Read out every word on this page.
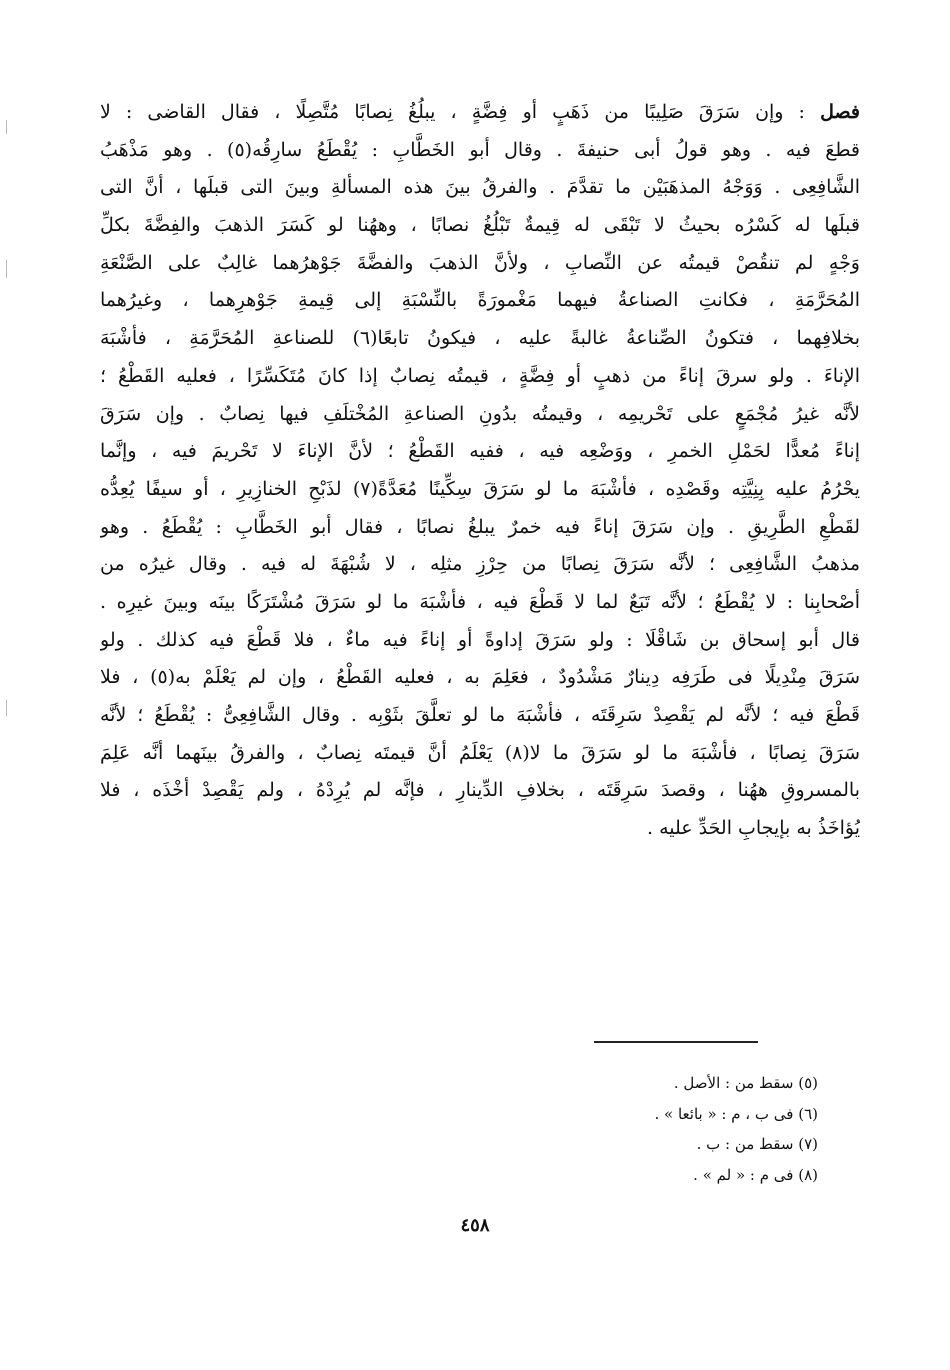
فصل : وإن سَرَقَ صَلِيبًا من ذَهَبٍ أو فِضَّةٍ ، يبلُغُ نِصابًا مُتَّصِلًا ، فقال القاضى : لا
قطعَ فيه . وهو قولُ أبى حنيفةَ . وقال أبو الخَطَّابِ : يُقْطَعُ سارِقُه(٥) . وهو مَذْهَبُ
الشَّافِعِى . وَوَجْهُ المذهَبَيْن ما تقدَّمَ . والفرقُ بينَ هذه المسألةِ وبينَ التى قبلَها ، أنَّ التى
قبلَها له كَسْرُه بحيثُ لا تَبْقَى له قِيمةٌ تَبْلُغُ نصابًا ، وههُنا لو كَسَرَ الذهبَ والفِضَّةَ بكلِّ
وَجْهٍ لم تنقُصْ قيمتُه عن النِّصابِ ، ولأنَّ الذهبَ والفضَّةَ جَوْهرُهما غالِبٌ على الصَّنْعَةِ
المُحَرَّمَةِ ، فكانتِ الصناعةُ فيهما مَغْمورَةً بالنِّسْبَةِ إلى قِيمةِ جَوْهرِهما ، وغيرُهما
بخلافِهما ، فتكونُ الصِّناعةُ غالبةً عليه ، فيكونُ تابعًا(٦) للصناعةِ المُحَرَّمَةِ ، فأشْبَهَ
الإناءَ . ولو سرقَ إناءً من ذهبٍ أو فِضَّةٍ ، قيمتُه نِصابٌ إذا كانَ مُتَكَسِّرًا ، فعليه القَطْعُ ؛
لأنَّه غيرُ مُجْمَعٍ على تَحْريمِه ، وقيمتُه بدُونِ الصناعةِ المُخْتلَفِ فيها نِصابٌ . وإن سَرَقَ
إناءً مُعدًّا لحَمْلِ الخمرِ ، ووَضْعِه فيه ، ففيه القَطْعُ ؛ لأنَّ الإناءَ لا تَحْريمَ فيه ، وإنَّما
يحْرُمُ عليه بِنِيَّتِه وقَصْدِه ، فأشْبَهَ ما لو سَرَقَ سِكِّينًا مُعَدَّةً(٧) لذَبْحِ الخنازِيرِ ، أو سيفًا يُعِدُّه
لقَطْعِ الطَّرِيقِ . وإن سَرَقَ إناءً فيه خمرٌ يبلغُ نصابًا ، فقال أبو الخَطَّابِ : يُقْطَعُ . وهو
مذهبُ الشَّافِعِى ؛ لأنَّه سَرَقَ نِصابًا من حِرْزِ مثلِه ، لا شُبْهَةَ له فيه . وقال غيرُه من
أصْحابِنا : لا يُقْطَعُ ؛ لأنَّه تَبَعٌ لما لا قَطْعَ فيه ، فأشْبَهَ ما لو سَرَقَ مُشْتَرَكًا بينَه وبينَ غيرِه .
قال أبو إسحاق بن شَاقْلَا : ولو سَرَقَ إداوةً أو إناءً فيه ماءٌ ، فلا قَطْعَ فيه كذلك . ولو
سَرَقَ مِنْدِيلًا فى طَرَفِه دِينارٌ مَشْدُودٌ ، فعَلِمَ به ، فعليه القَطْعُ ، وإن لم يَعْلَمْ به(٥) ، فلا
قَطْعَ فيه ؛ لأنَّه لم يَقْصِدْ سَرِقَتَه ، فأشْبَهَ ما لو تعلَّقَ بثَوْبِه . وقال الشَّافِعِىُّ : يُقْطَعُ ؛ لأنَّه
سَرَقَ نِصابًا ، فأشْبَهَ ما لو سَرَقَ ما لا(٨) يَعْلَمُ أنَّ قيمتَه نِصابٌ ، والفرقُ بينَهما أنَّه عَلِمَ
بالمسروقِ ههُنا ، وقصدَ سَرِقَتَه ، بخلافِ الدِّينارِ ، فإنَّه لم يُرِدْهُ ، ولم يَقْصِدْ أخْذَه ، فلا
يُؤاخَذُ به بإيجابِ الحَدِّ عليه .
(٥) سقط من : الأصل .
(٦) فى ب ، م : « بائعا » .
(٧) سقط من : ب .
(٨) فى م : « لم » .
٤٥٨
